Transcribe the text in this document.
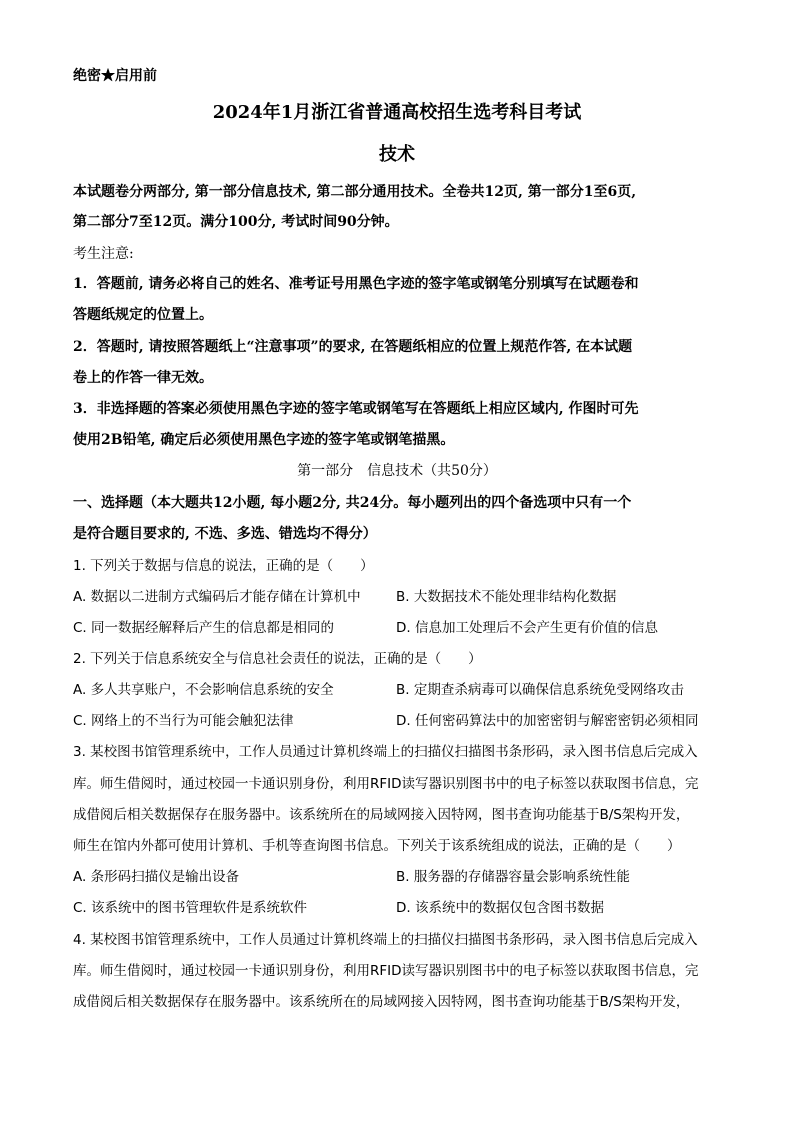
绝密★启用前
2024年1月浙江省普通高校招生选考科目考试
技术
本试题卷分两部分, 第一部分信息技术, 第二部分通用技术。全卷共12页, 第一部分1至6页,
第二部分7至12页。满分100分, 考试时间90分钟。
考生注意:
1．答题前, 请务必将自己的姓名、准考证号用黑色字迹的签字笔或钢笔分别填写在试题卷和
答题纸规定的位置上。
2．答题时, 请按照答题纸上“注意事项”的要求, 在答题纸相应的位置上规范作答, 在本试题
卷上的作答一律无效。
3．非选择题的答案必须使用黑色字迹的签字笔或钢笔写在答题纸上相应区域内, 作图时可先
使用2B铅笔, 确定后必须使用黑色字迹的签字笔或钢笔描黑。
第一部分　信息技术（共50分）
一、选择题（本大题共12小题, 每小题2分, 共24分。每小题列出的四个备选项中只有一个
是符合题目要求的, 不选、多选、错选均不得分）
1. 下列关于数据与信息的说法，正确的是（　　）
A. 数据以二进制方式编码后才能存储在计算机中	B. 大数据技术不能处理非结构化数据
C. 同一数据经解释后产生的信息都是相同的	D. 信息加工处理后不会产生更有价值的信息
2. 下列关于信息系统安全与信息社会责任的说法，正确的是（　　）
A. 多人共享账户，不会影响信息系统的安全	B. 定期查杀病毒可以确保信息系统免受网络攻击
C. 网络上的不当行为可能会触犯法律	D. 任何密码算法中的加密密钥与解密密钥必须相同
3. 某校图书馆管理系统中，工作人员通过计算机终端上的扫描仪扫描图书条形码，录入图书信息后完成入
库。师生借阅时，通过校园一卡通识别身份，利用RFID读写器识别图书中的电子标签以获取图书信息，完
成借阅后相关数据保存在服务器中。该系统所在的局域网接入因特网，图书查询功能基于B/S架构开发，
师生在馆内外都可使用计算机、手机等查询图书信息。下列关于该系统组成的说法，正确的是（　　）
A. 条形码扫描仪是输出设备	B. 服务器的存储器容量会影响系统性能
C. 该系统中的图书管理软件是系统软件	D. 该系统中的数据仅包含图书数据
4. 某校图书馆管理系统中，工作人员通过计算机终端上的扫描仪扫描图书条形码，录入图书信息后完成入
库。师生借阅时，通过校园一卡通识别身份，利用RFID读写器识别图书中的电子标签以获取图书信息，完
成借阅后相关数据保存在服务器中。该系统所在的局域网接入因特网，图书查询功能基于B/S架构开发，
